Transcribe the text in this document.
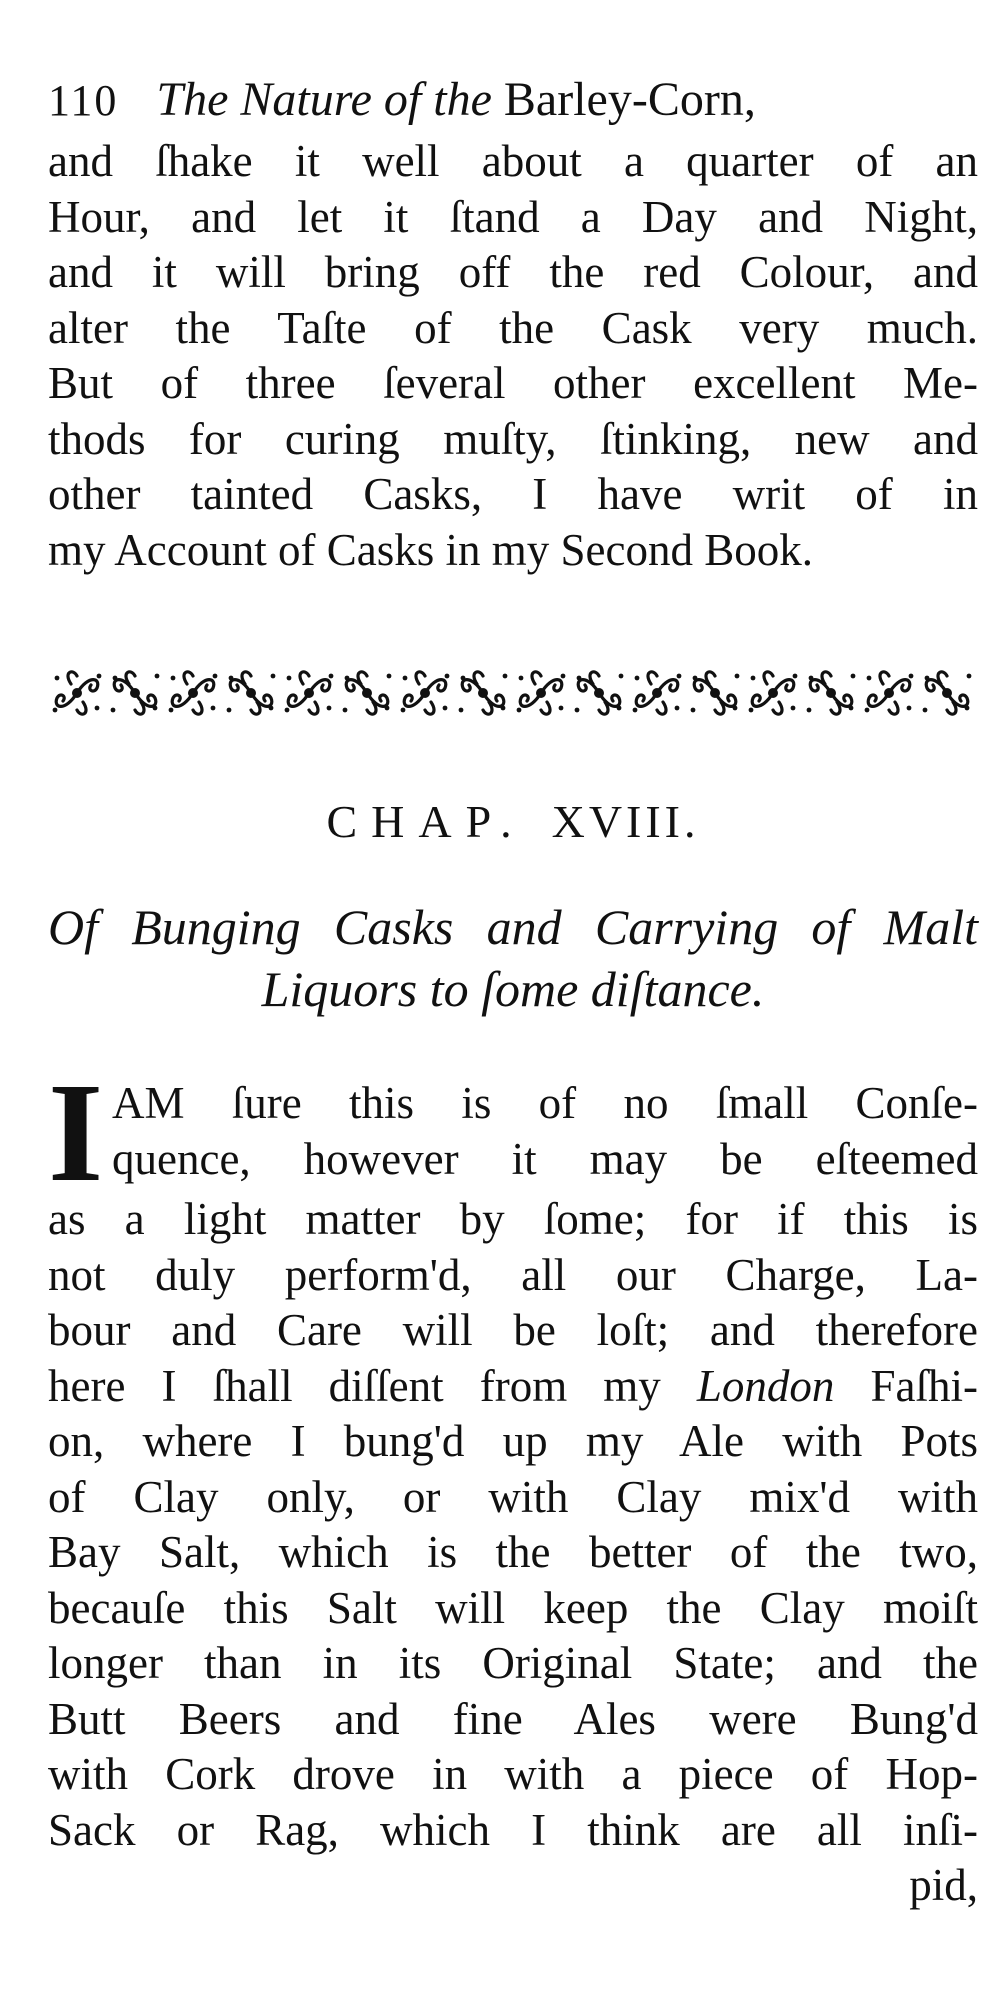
110 The Nature of the Barley-Corn,
and ſhake it well about a quarter of an
Hour, and let it ſtand a Day and Night,
and it will bring off the red Colour, and
alter the Taſte of the Cask very much.
But of three ſeveral other excellent Me-
thods for curing muſty, ſtinking, new and
other tainted Casks, I have writ of in
my Account of Casks in my Second Book.
CHAP. XVIII.
Of Bunging Casks and Carrying of Malt
Liquors to ſome diſtance.
I AM ſure this is of no ſmall Conſe-
quence, however it may be eſteemed
as a light matter by ſome; for if this is
not duly perform'd, all our Charge, La-
bour and Care will be loſt; and therefore
here I ſhall diſſent from my London Faſhi-
on, where I bung'd up my Ale with Pots
of Clay only, or with Clay mix'd with
Bay Salt, which is the better of the two,
becauſe this Salt will keep the Clay moiſt
longer than in its Original State; and the
Butt Beers and fine Ales were Bung'd
with Cork drove in with a piece of Hop-
Sack or Rag, which I think are all inſi-
pid,
